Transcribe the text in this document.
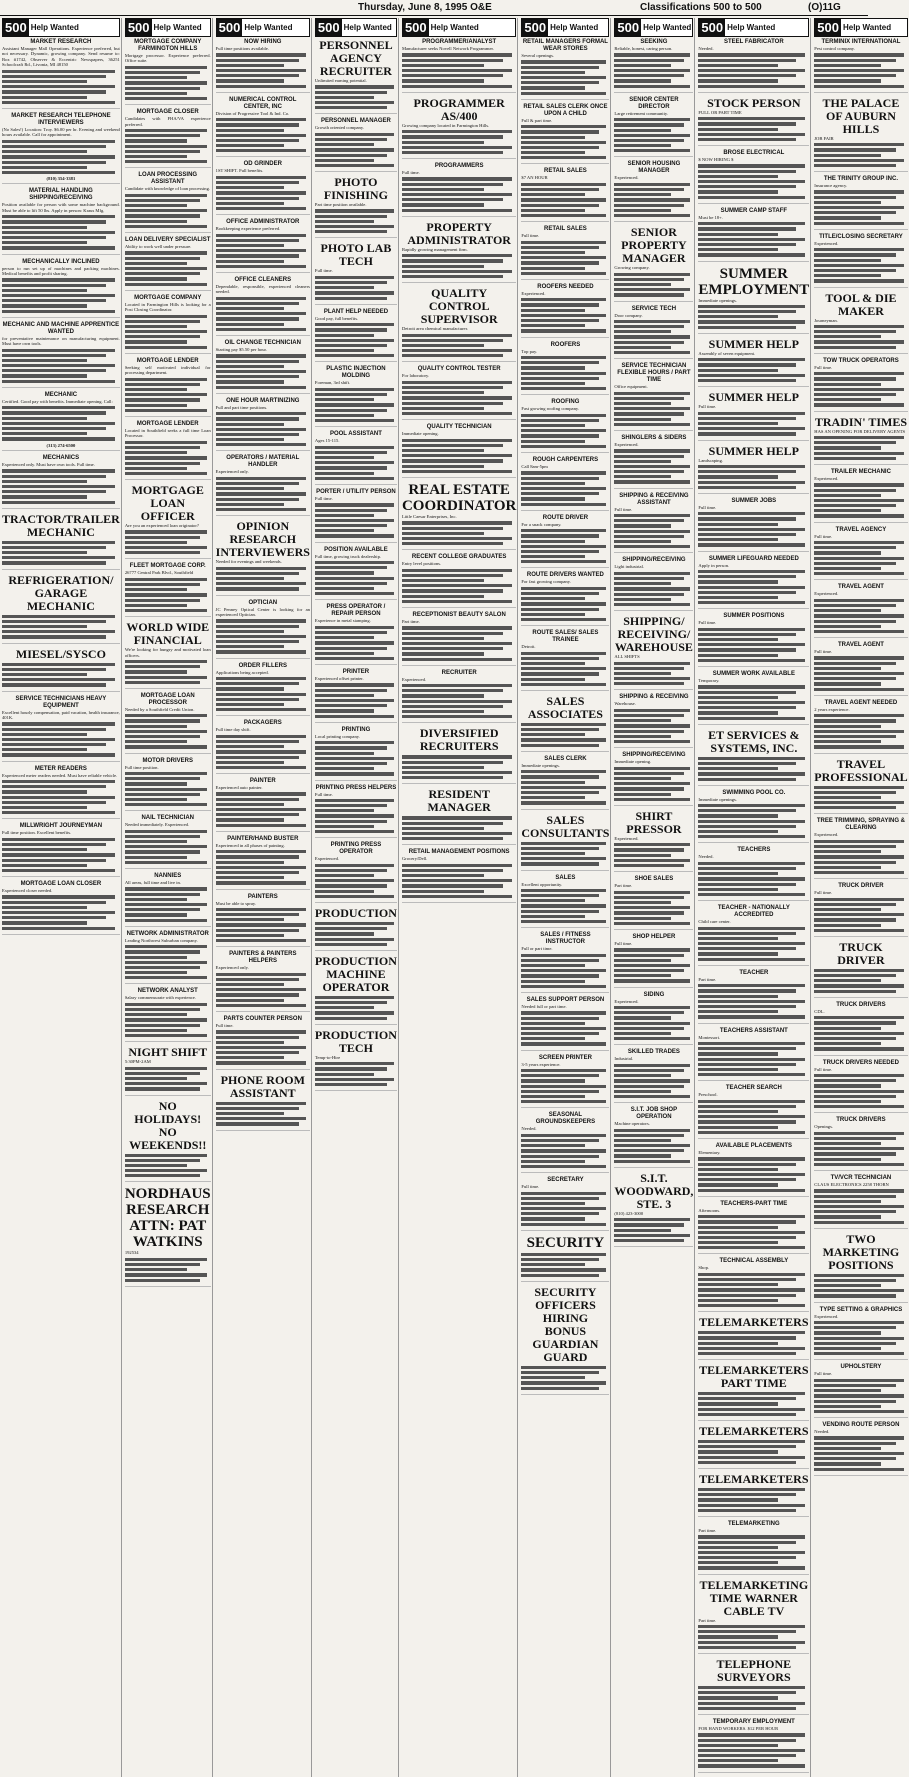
Thursday, June 8, 1995 O&E	Classifications 500 to 500	(O)11G
500 Help Wanted
MARKET RESEARCH
Assistant Manager Mall Operations. Experience preferred, but not necessary. Dynamic, growing company. Send resume to: Box #1742, Observer & Eccentric Newspapers, 36251 Schoolcraft Rd., Livonia, MI 48150
MARKET RESEARCH TELEPHONE INTERVIEWERS
(No Sales!) Location: Troy. $6.00 per hr. Evening and weekend hours available. Call for appointment.
(810) 354-3381
MATERIAL HANDLING SHIPPING/RECEIVING
Position available for person with some machine background. Must be able to lift 50 lbs. Apply in person: Kraus Mfg.
MECHANICALLY INCLINED
person to run set up of machines and packing machines. Medical benefits and profit sharing.
MECHANIC AND MACHINE APPRENTICE WANTED
for preventative maintenance on manufacturing equipment. Must have own tools.
MECHANIC
Certified. Good pay with benefits. Immediate opening. Call:
(313) 274-6500
MECHANICS
Experienced only. Must have own tools. Full time.
TRACTOR/TRAILER MECHANIC
REFRIGERATION/ GARAGE MECHANIC
MIESEL/SYSCO
SERVICE TECHNICIANS HEAVY EQUIPMENT
Excellent hourly compensation, paid vacation, health insurance, 401K.
METER READERS
Experienced meter readers needed. Must have reliable vehicle.
MILLWRIGHT JOURNEYMAN
Full time position. Excellent benefits.
MORTGAGE LOAN CLOSER
Experienced closer needed.
500 Help Wanted
MORTGAGE COMPANY FARMINGTON HILLS
Mortgage processor. Experience preferred. Office suite.
MORTGAGE CLOSER
Candidates with FHA/VA experience preferred.
LOAN PROCESSING ASSISTANT
Candidate with knowledge of loan processing.
LOAN DELIVERY SPECIALIST
Ability to work well under pressure.
MORTGAGE COMPANY
Located in Farmington Hills is looking for a Post Closing Coordinator.
MORTGAGE LENDER
Seeking self motivated individual for processing department.
MORTGAGE LENDER
Located in Southfield seeks a full time Loan Processor.
MORTGAGE LOAN OFFICER
Are you an experienced loan originator?
FLEET MORTGAGE CORP.
26777 Central Park Blvd., Southfield
WORLD WIDE FINANCIAL
We're looking for hungry and motivated loan officers.
MORTGAGE LOAN PROCESSOR
Needed by a Southfield Credit Union.
MOTOR DRIVERS
Full time position.
NAIL TECHNICIAN
Needed immediately. Experienced.
NANNIES
All areas, full time and live in.
NETWORK ADMINISTRATOR
Leading Northwest Suburban company.
NETWORK ANALYST
Salary commensurate with experience.
NIGHT SHIFT
5:30PM-2AM
NO HOLIDAYS! NO WEEKENDS!!
NORDHAUS RESEARCH ATTN: PAT WATKINS
192534
500 Help Wanted
NOW HIRING
Full time positions available.
NUMERICAL CONTROL CENTER, INC
Division of Progressive Tool & Ind. Co.
OD GRINDER
1ST SHIFT. Full benefits.
OFFICE ADMINISTRATOR
Bookkeeping experience preferred.
OFFICE CLEANERS
Dependable, responsible, experienced cleaners needed.
OIL CHANGE TECHNICIAN
Starting pay $5.50 per hour.
ONE HOUR MARTINIZING
Full and part time positions.
OPERATORS / MATERIAL HANDLER
Experienced only.
OPINION RESEARCH INTERVIEWERS
Needed for evenings and weekends.
OPTICIAN
JC Penney Optical Center is looking for an experienced Optician.
ORDER FILLERS
Applications being accepted.
PACKAGERS
Full time day shift.
PAINTER
Experienced auto painter.
PAINTER/HAND BUSTER
Experienced in all phases of painting.
PAINTERS
Must be able to spray.
PAINTERS & PAINTERS HELPERS
Experienced only.
PARTS COUNTER PERSON
Full time.
PHONE ROOM ASSISTANT
500 Help Wanted
PERSONNEL AGENCY RECRUITER
Unlimited earning potential.
PERSONNEL MANAGER
Growth oriented company.
PHOTO FINISHING
Part time position available.
PHOTO LAB TECH
Full time.
PLANT HELP NEEDED
Good pay, full benefits.
PLASTIC INJECTION MOLDING
Foreman, 3rd shift.
POOL ASSISTANT
Ages 15-115.
PORTER / UTILITY PERSON
Full time.
POSITION AVAILABLE
Full time, growing truck dealership.
PRESS OPERATOR / REPAIR PERSON
Experience in metal stamping.
PRINTER
Experienced offset printer.
PRINTING
Local printing company.
PRINTING PRESS HELPERS
Full time.
PRINTING PRESS OPERATOR
Experienced.
PRODUCTION
PRODUCTION MACHINE OPERATOR
PRODUCTION TECH
Temp-to-Hire
500 Help Wanted
PROGRAMMER/ANALYST
Manufacturer seeks Novell Network Programmer.
PROGRAMMER AS/400
Growing company located in Farmington Hills.
PROGRAMMERS
Full time.
PROPERTY ADMINISTRATOR
Rapidly growing management firm.
QUALITY CONTROL SUPERVISOR
Detroit area chemical manufacturer.
QUALITY CONTROL TESTER
For laboratory.
QUALITY TECHNICIAN
Immediate opening.
REAL ESTATE COORDINATOR
Little Caesar Enterprises, Inc.
RECENT COLLEGE GRADUATES
Entry level positions.
RECEPTIONIST BEAUTY SALON
Part time.
RECRUITER
Experienced.
DIVERSIFIED RECRUITERS
RESIDENT MANAGER
RETAIL MANAGEMENT POSITIONS
Grocery/Dell.
500 Help Wanted
RETAIL MANAGERS FORMAL WEAR STORES
Several openings.
RETAIL SALES CLERK ONCE UPON A CHILD
Full & part time.
RETAIL SALES
$7 AN HOUR
RETAIL SALES
Full time.
ROOFERS NEEDED
Experienced.
ROOFERS
Top pay.
ROOFING
Fast growing roofing company.
ROUGH CARPENTERS
Call 8am-5pm
ROUTE DRIVER
For a snack company.
ROUTE DRIVERS WANTED
For fast growing company.
ROUTE SALES/ SALES TRAINEE
Detroit.
SALES ASSOCIATES
SALES CLERK
Immediate openings.
SALES CONSULTANTS
SALES
Excellent opportunity.
SALES / FITNESS INSTRUCTOR
Full or part time.
SALES SUPPORT PERSON
Needed full or part time.
SCREEN PRINTER
3-5 years experience.
SEASONAL GROUNDSKEEPERS
Needed.
SECRETARY
Full time.
SECURITY
SECURITY OFFICERS HIRING BONUS GUARDIAN GUARD
500 Help Wanted
SEEKING
Reliable, honest, caring person.
SENIOR CENTER DIRECTOR
Large retirement community.
SENIOR HOUSING MANAGER
Experienced.
SENIOR PROPERTY MANAGER
Growing company.
SERVICE TECH
Door company.
SERVICE TECHNICIAN FLEXIBLE HOURS / PART TIME
Office equipment.
SHINGLERS & SIDERS
Experienced.
SHIPPING & RECEIVING ASSISTANT
Full time.
SHIPPING/RECEIVING
Light industrial.
SHIPPING/ RECEIVING/ WAREHOUSE
ALL SHIFTS
SHIPPING & RECEIVING
Warehouse.
SHIPPING/RECEIVING
Immediate opening.
SHIRT PRESSOR
Experienced.
SHOE SALES
Part time.
SHOP HELPER
Full time.
SIDING
Experienced.
SKILLED TRADES
Industrial.
S.I.T. JOB SHOP OPERATION
Machine operators.
S.I.T. WOODWARD, STE. 3
(810) 423-3000
500 Help Wanted
STEEL FABRICATOR
Needed.
STOCK PERSON
FULL OR PART TIME
BROSE ELECTRICAL
$ NOW HIRING $
SUMMER CAMP STAFF
Must be 18+.
SUMMER EMPLOYMENT
Immediate openings.
SUMMER HELP
Assembly of seven equipment.
SUMMER HELP
Full time.
SUMMER HELP
Landscaping.
SUMMER JOBS
Full time.
SUMMER LIFEGUARD NEEDED
Apply in person.
SUMMER POSITIONS
Full time.
SUMMER WORK AVAILABLE
Temporary.
ET SERVICES & SYSTEMS, INC.
SWIMMING POOL CO.
Immediate openings.
TEACHERS
Needed.
TEACHER - NATIONALLY ACCREDITED
Child care center.
TEACHER
Part time.
TEACHERS ASSISTANT
Montessori.
TEACHER SEARCH
Preschool.
AVAILABLE PLACEMENTS
Elementary.
TEACHERS-PART TIME
Afternoons.
TECHNICAL ASSEMBLY
Shop.
TELEMARKETERS
TELEMARKETERS PART TIME
TELEMARKETERS
TELEMARKETERS
TELEMARKETING
Part time.
TELEMARKETING TIME WARNER CABLE TV
Part time.
TELEPHONE SURVEYORS
TEMPORARY EMPLOYMENT
FOR HAND WORKERS. $12 PER HOUR
500 Help Wanted
TERMINIX INTERNATIONAL
Pest control company.
THE PALACE OF AUBURN HILLS
JOB FAIR
THE TRINITY GROUP INC.
Insurance agency.
TITLE/CLOSING SECRETARY
Experienced.
TOOL & DIE MAKER
Journeyman.
TOW TRUCK OPERATORS
Full time.
TRADIN' TIMES
HAS AN OPENING FOR DELIVERY AGENTS
TRAILER MECHANIC
Experienced.
TRAVEL AGENCY
Full time.
TRAVEL AGENT
Experienced.
TRAVEL AGENT
Full time.
TRAVEL AGENT NEEDED
2 years experience.
TRAVEL PROFESSIONAL
TREE TRIMMING, SPRAYING & CLEARING
Experienced.
TRUCK DRIVER
Full time.
TRUCK DRIVER
TRUCK DRIVERS
CDL.
TRUCK DRIVERS NEEDED
Full time.
TRUCK DRIVERS
Openings.
TV/VCR TECHNICIAN
CLAUS ELECTRONICS 2258 THORN
TWO MARKETING POSITIONS
TYPE SETTING & GRAPHICS
Experienced.
UPHOLSTERY
Full time.
VENDING ROUTE PERSON
Needed.
